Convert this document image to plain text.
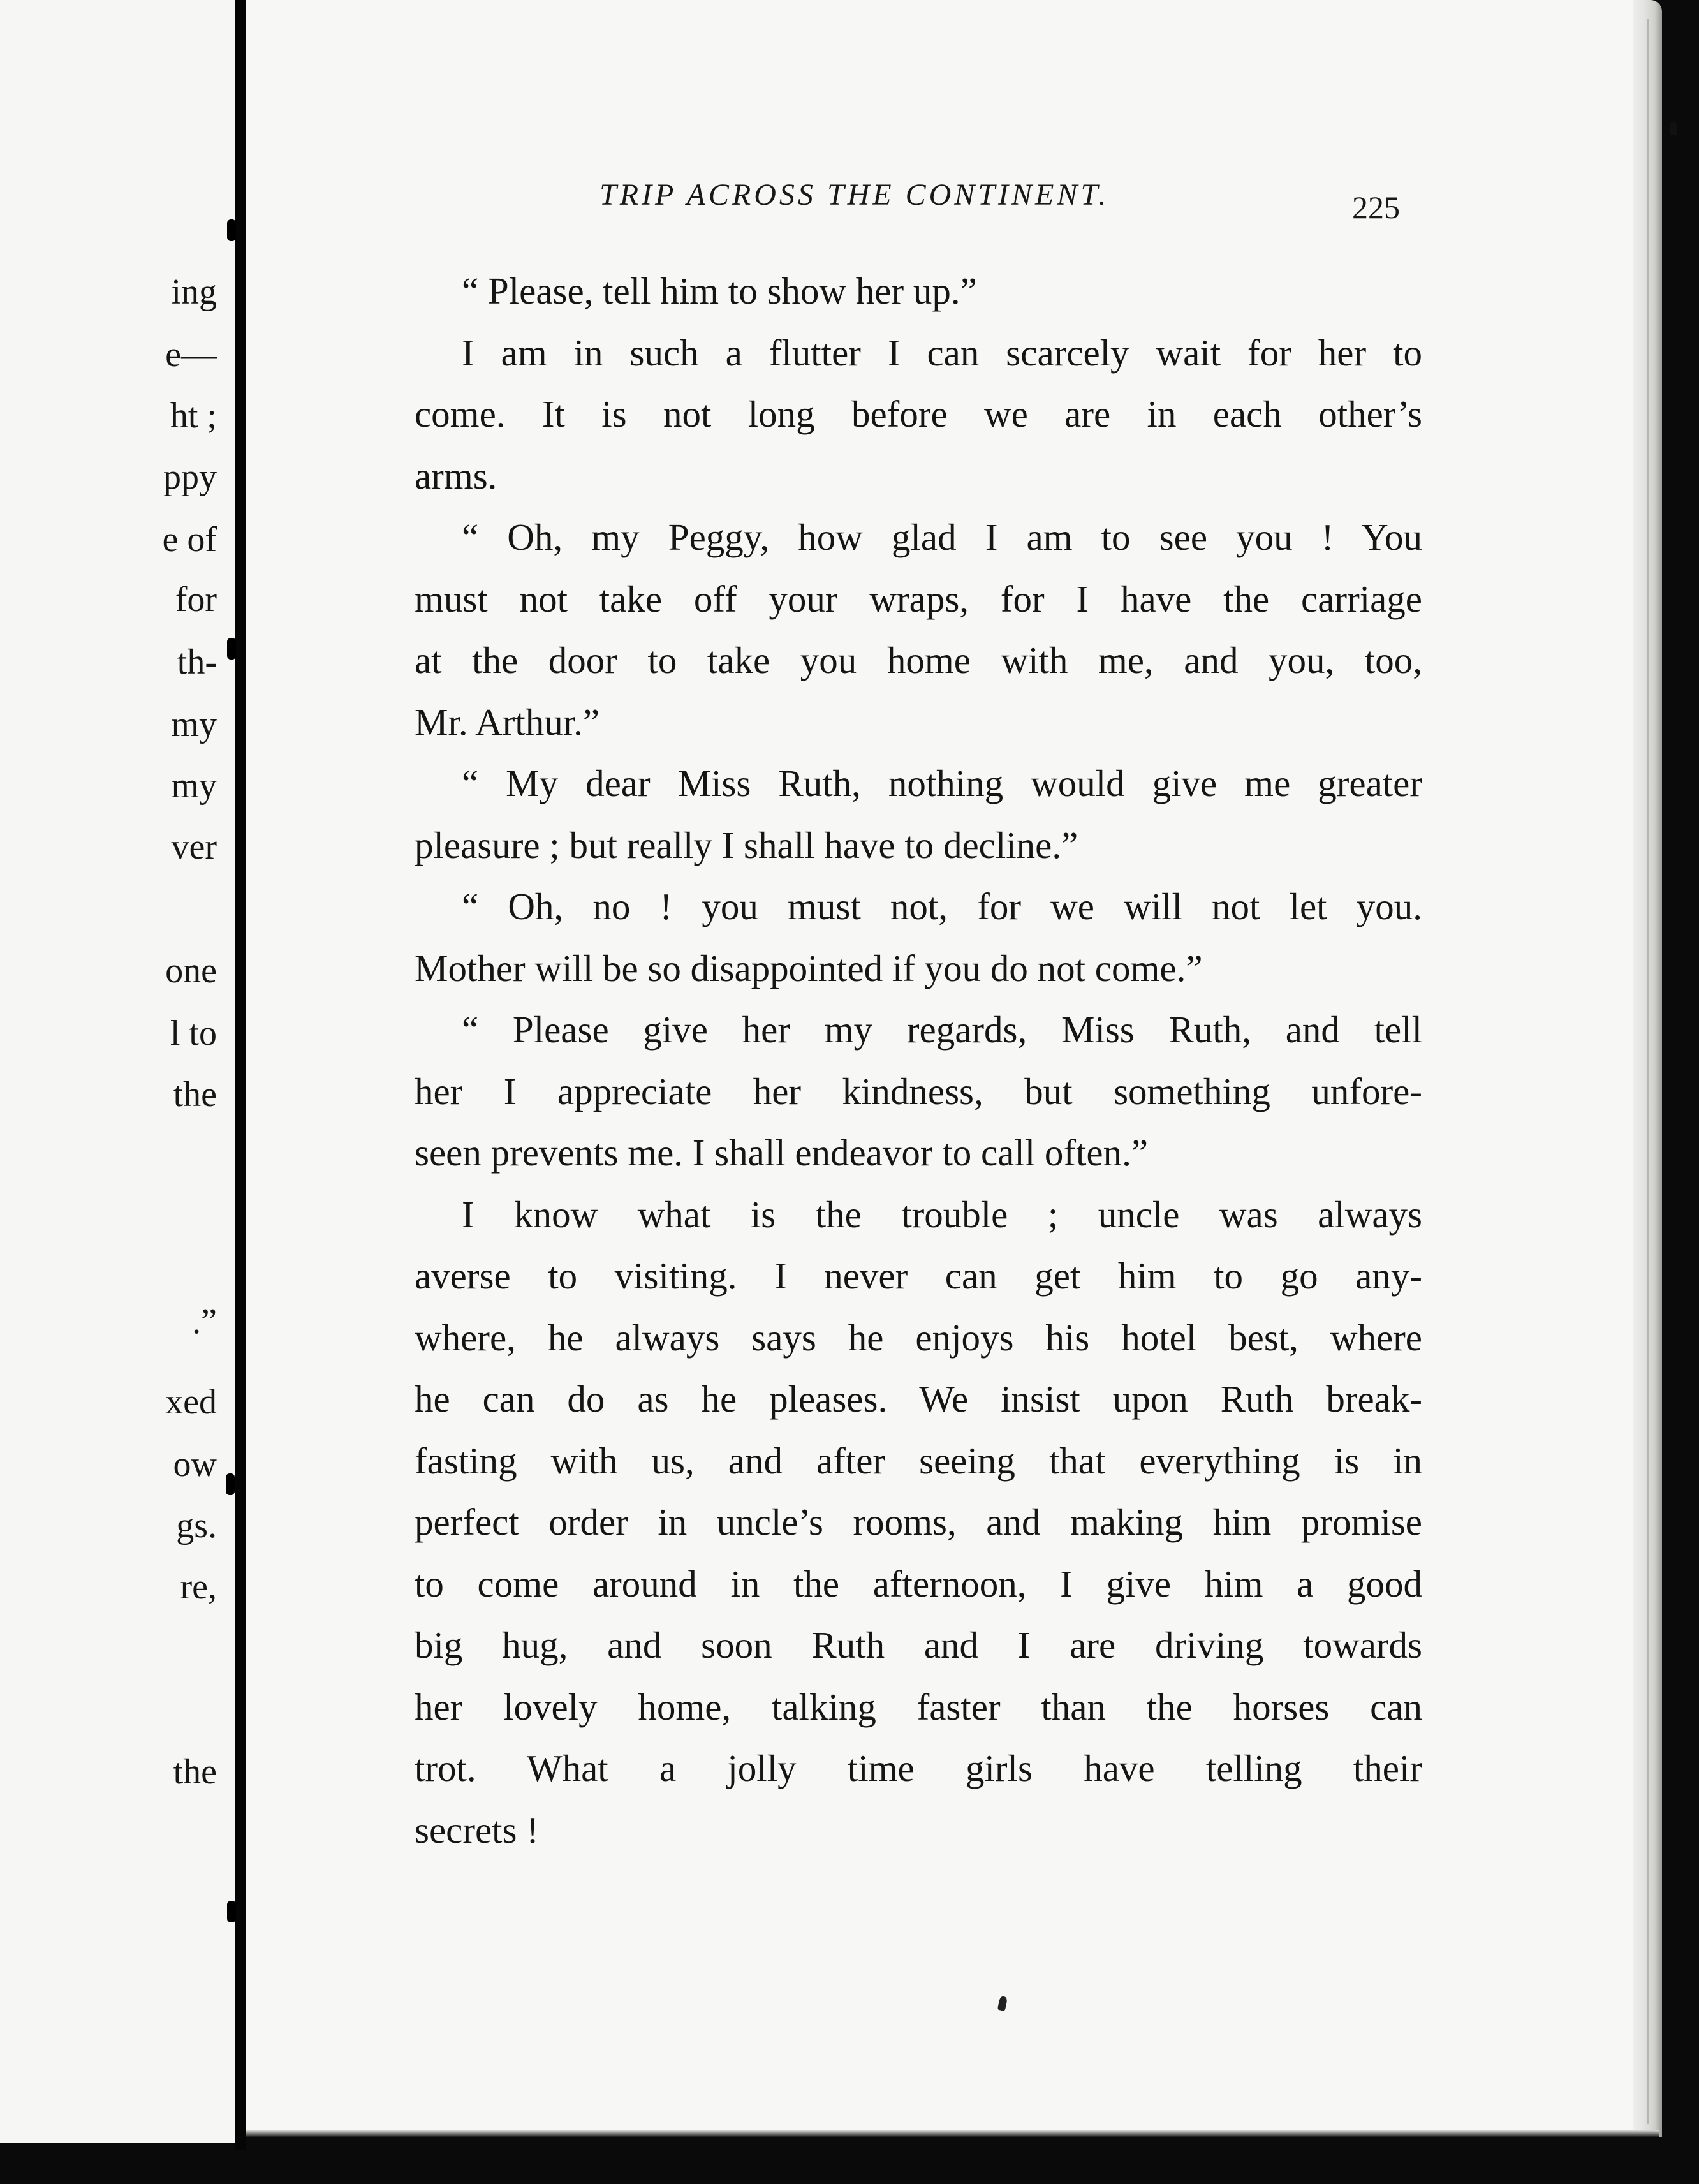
ing
e—
ht ;
ppy
e of
for
th-
my
my
ver
one
l to
the
.”
xed
ow
gs.
re,
the
TRIP ACROSS THE CONTINENT.	225
“ Please, tell him to show her up.”
I am in such a flutter I can scarcely wait for her to
come. It is not long before we are in each other’s
arms.
“ Oh, my Peggy, how glad I am to see you ! You
must not take off your wraps, for I have the carriage
at the door to take you home with me, and you, too,
Mr. Arthur.”
“ My dear Miss Ruth, nothing would give me greater
pleasure ; but really I shall have to decline.”
“ Oh, no ! you must not, for we will not let you.
Mother will be so disappointed if you do not come.”
“ Please give her my regards, Miss Ruth, and tell
her I appreciate her kindness, but something unfore-
seen prevents me. I shall endeavor to call often.”
I know what is the trouble ; uncle was always
averse to visiting. I never can get him to go any-
where, he always says he enjoys his hotel best, where
he can do as he pleases. We insist upon Ruth break-
fasting with us, and after seeing that everything is in
perfect order in uncle’s rooms, and making him promise
to come around in the afternoon, I give him a good
big hug, and soon Ruth and I are driving towards
her lovely home, talking faster than the horses can
trot. What a jolly time girls have telling their
secrets !
